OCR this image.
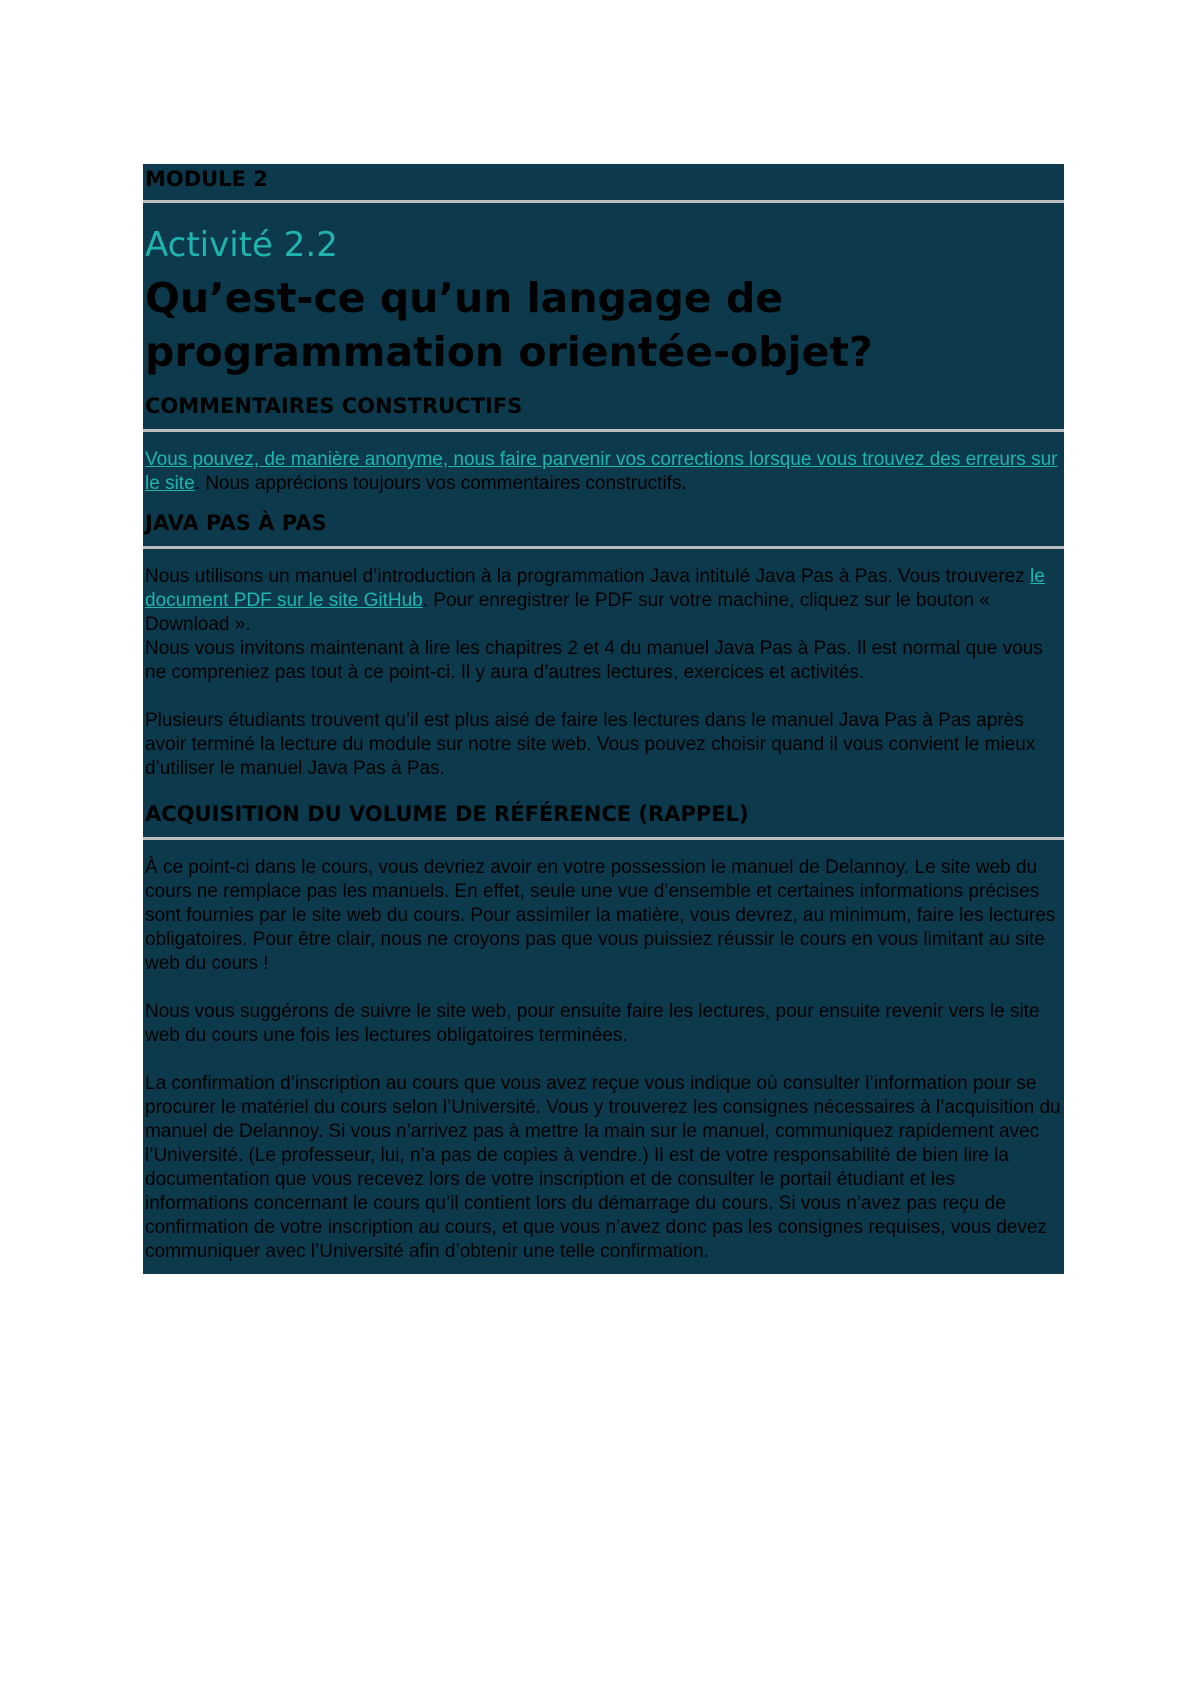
MODULE 2
Activité 2.2
Qu’est-ce qu’un langage de programmation orientée-objet?
COMMENTAIRES CONSTRUCTIFS

Vous pouvez, de manière anonyme, nous faire parvenir vos corrections lorsque vous trouvez des erreurs sur le site. Nous apprécions toujours vos commentaires constructifs.

JAVA PAS À PAS

Nous utilisons un manuel d’introduction à la programmation Java intitulé Java Pas à Pas. Vous trouverez le document PDF sur le site GitHub. Pour enregistrer le PDF sur votre machine, cliquez sur le bouton « Download ».

Nous vous invitons maintenant à lire les chapitres 2 et 4 du manuel Java Pas à Pas. Il est normal que vous ne compreniez pas tout à ce point-ci. Il y aura d’autres lectures, exercices et activités.

Plusieurs étudiants trouvent qu’il est plus aisé de faire les lectures dans le manuel Java Pas à Pas après avoir terminé la lecture du module sur notre site web. Vous pouvez choisir quand il vous convient le mieux d’utiliser le manuel Java Pas à Pas.

ACQUISITION DU VOLUME DE RÉFÉRENCE (RAPPEL)

À ce point-ci dans le cours, vous devriez avoir en votre possession le manuel de Delannoy. Le site web du cours ne remplace pas les manuels. En effet, seule une vue d’ensemble et certaines informations précises sont fournies par le site web du cours. Pour assimiler la matière, vous devrez, au minimum, faire les lectures obligatoires. Pour être clair, nous ne croyons pas que vous puissiez réussir le cours en vous limitant au site web du cours !

Nous vous suggérons de suivre le site web, pour ensuite faire les lectures, pour ensuite revenir vers le site web du cours une fois les lectures obligatoires terminées.

La confirmation d’inscription au cours que vous avez reçue vous indique où consulter l’information pour se procurer le matériel du cours selon l’Université. Vous y trouverez les consignes nécessaires à l’acquisition du manuel de Delannoy. Si vous n’arrivez pas à mettre la main sur le manuel, communiquez rapidement avec l’Université. (Le professeur, lui, n’a pas de copies à vendre.) Il est de votre responsabilité de bien lire la documentation que vous recevez lors de votre inscription et de consulter le portail étudiant et les informations concernant le cours qu’il contient lors du démarrage du cours. Si vous n’avez pas reçu de confirmation de votre inscription au cours, et que vous n’avez donc pas les consignes requises, vous devez communiquer avec l’Université afin d’obtenir une telle confirmation.
